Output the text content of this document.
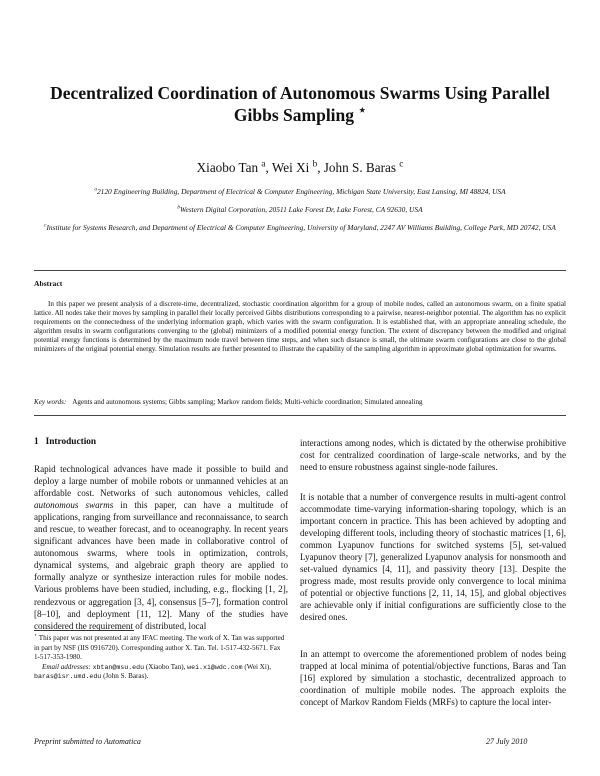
Decentralized Coordination of Autonomous Swarms Using Parallel Gibbs Sampling ⋆
Xiaobo Tan $^a$, Wei Xi $^b$, John S. Baras $^c$
$^a$2120 Engineering Building, Department of Electrical & Computer Engineering, Michigan State University, East Lansing, MI 48824, USA
$^b$Western Digital Corporation, 20511 Lake Forest Dr, Lake Forest, CA 92630, USA
$^c$Institute for Systems Research, and Department of Electrical & Computer Engineering, University of Maryland, 2247 AV Williams Building, College Park, MD 20742, USA
Abstract
In this paper we present analysis of a discrete-time, decentralized, stochastic coordination algorithm for a group of mobile nodes, called an autonomous swarm, on a finite spatial lattice. All nodes take their moves by sampling in parallel their locally perceived Gibbs distributions corresponding to a pairwise, nearest-neighbor potential. The algorithm has no explicit requirements on the connectedness of the underlying information graph, which varies with the swarm configuration. It is established that, with an appropriate annealing schedule, the algorithm results in swarm configurations converging to the (global) minimizers of a modified potential energy function. The extent of discrepancy between the modified and original potential energy functions is determined by the maximum node travel between time steps, and when such distance is small, the ultimate swarm configurations are close to the global minimizers of the original potential energy. Simulation results are further presented to illustrate the capability of the sampling algorithm in approximate global optimization for swarms.
Key words: Agents and autonomous systems; Gibbs sampling; Markov random fields; Multi-vehicle coordination; Simulated annealing
1 Introduction
Rapid technological advances have made it possible to build and deploy a large number of mobile robots or unmanned vehicles at an affordable cost. Networks of such autonomous vehicles, called autonomous swarms in this paper, can have a multitude of applications, ranging from surveillance and reconnaissance, to search and rescue, to weather forecast, and to oceanography. In recent years significant advances have been made in collaborative control of autonomous swarms, where tools in optimization, controls, dynamical systems, and algebraic graph theory are applied to formally analyze or synthesize interaction rules for mobile nodes. Various problems have been studied, including, e.g., flocking [1, 2], rendezvous or aggregation [3, 4], consensus [5–7], formation control [8–10], and deployment [11, 12]. Many of the studies have considered the requirement of distributed, local
interactions among nodes, which is dictated by the otherwise prohibitive cost for centralized coordination of large-scale networks, and by the need to ensure robustness against single-node failures.
It is notable that a number of convergence results in multi-agent control accommodate time-varying information-sharing topology, which is an important concern in practice. This has been achieved by adopting and developing different tools, including theory of stochastic matrices [1, 6], common Lyapunov functions for switched systems [5], set-valued Lyapunov theory [7], generalized Lyapunov analysis for nonsmooth and set-valued dynamics [4, 11], and passivity theory [13]. Despite the progress made, most results provide only convergence to local minima of potential or objective functions [2, 11, 14, 15], and global objectives are achievable only if initial configurations are sufficiently close to the desired ones.
In an attempt to overcome the aforementioned problem of nodes being trapped at local minima of potential/objective functions, Baras and Tan [16] explored by simulation a stochastic, decentralized approach to coordination of multiple mobile nodes. The approach exploits the concept of Markov Random Fields (MRFs) to capture the local inter-
⋆ This paper was not presented at any IFAC meeting. The work of X. Tan was supported in part by NSF (IIS 0916720). Corresponding author X. Tan. Tel. 1-517-432-5671. Fax 1-517-353-1980.
Email addresses: xbtan@msu.edu (Xiaobo Tan), wei.xi@wdc.com (Wei Xi), baras@isr.umd.edu (John S. Baras).
Preprint submitted to Automatica	27 July 2010
